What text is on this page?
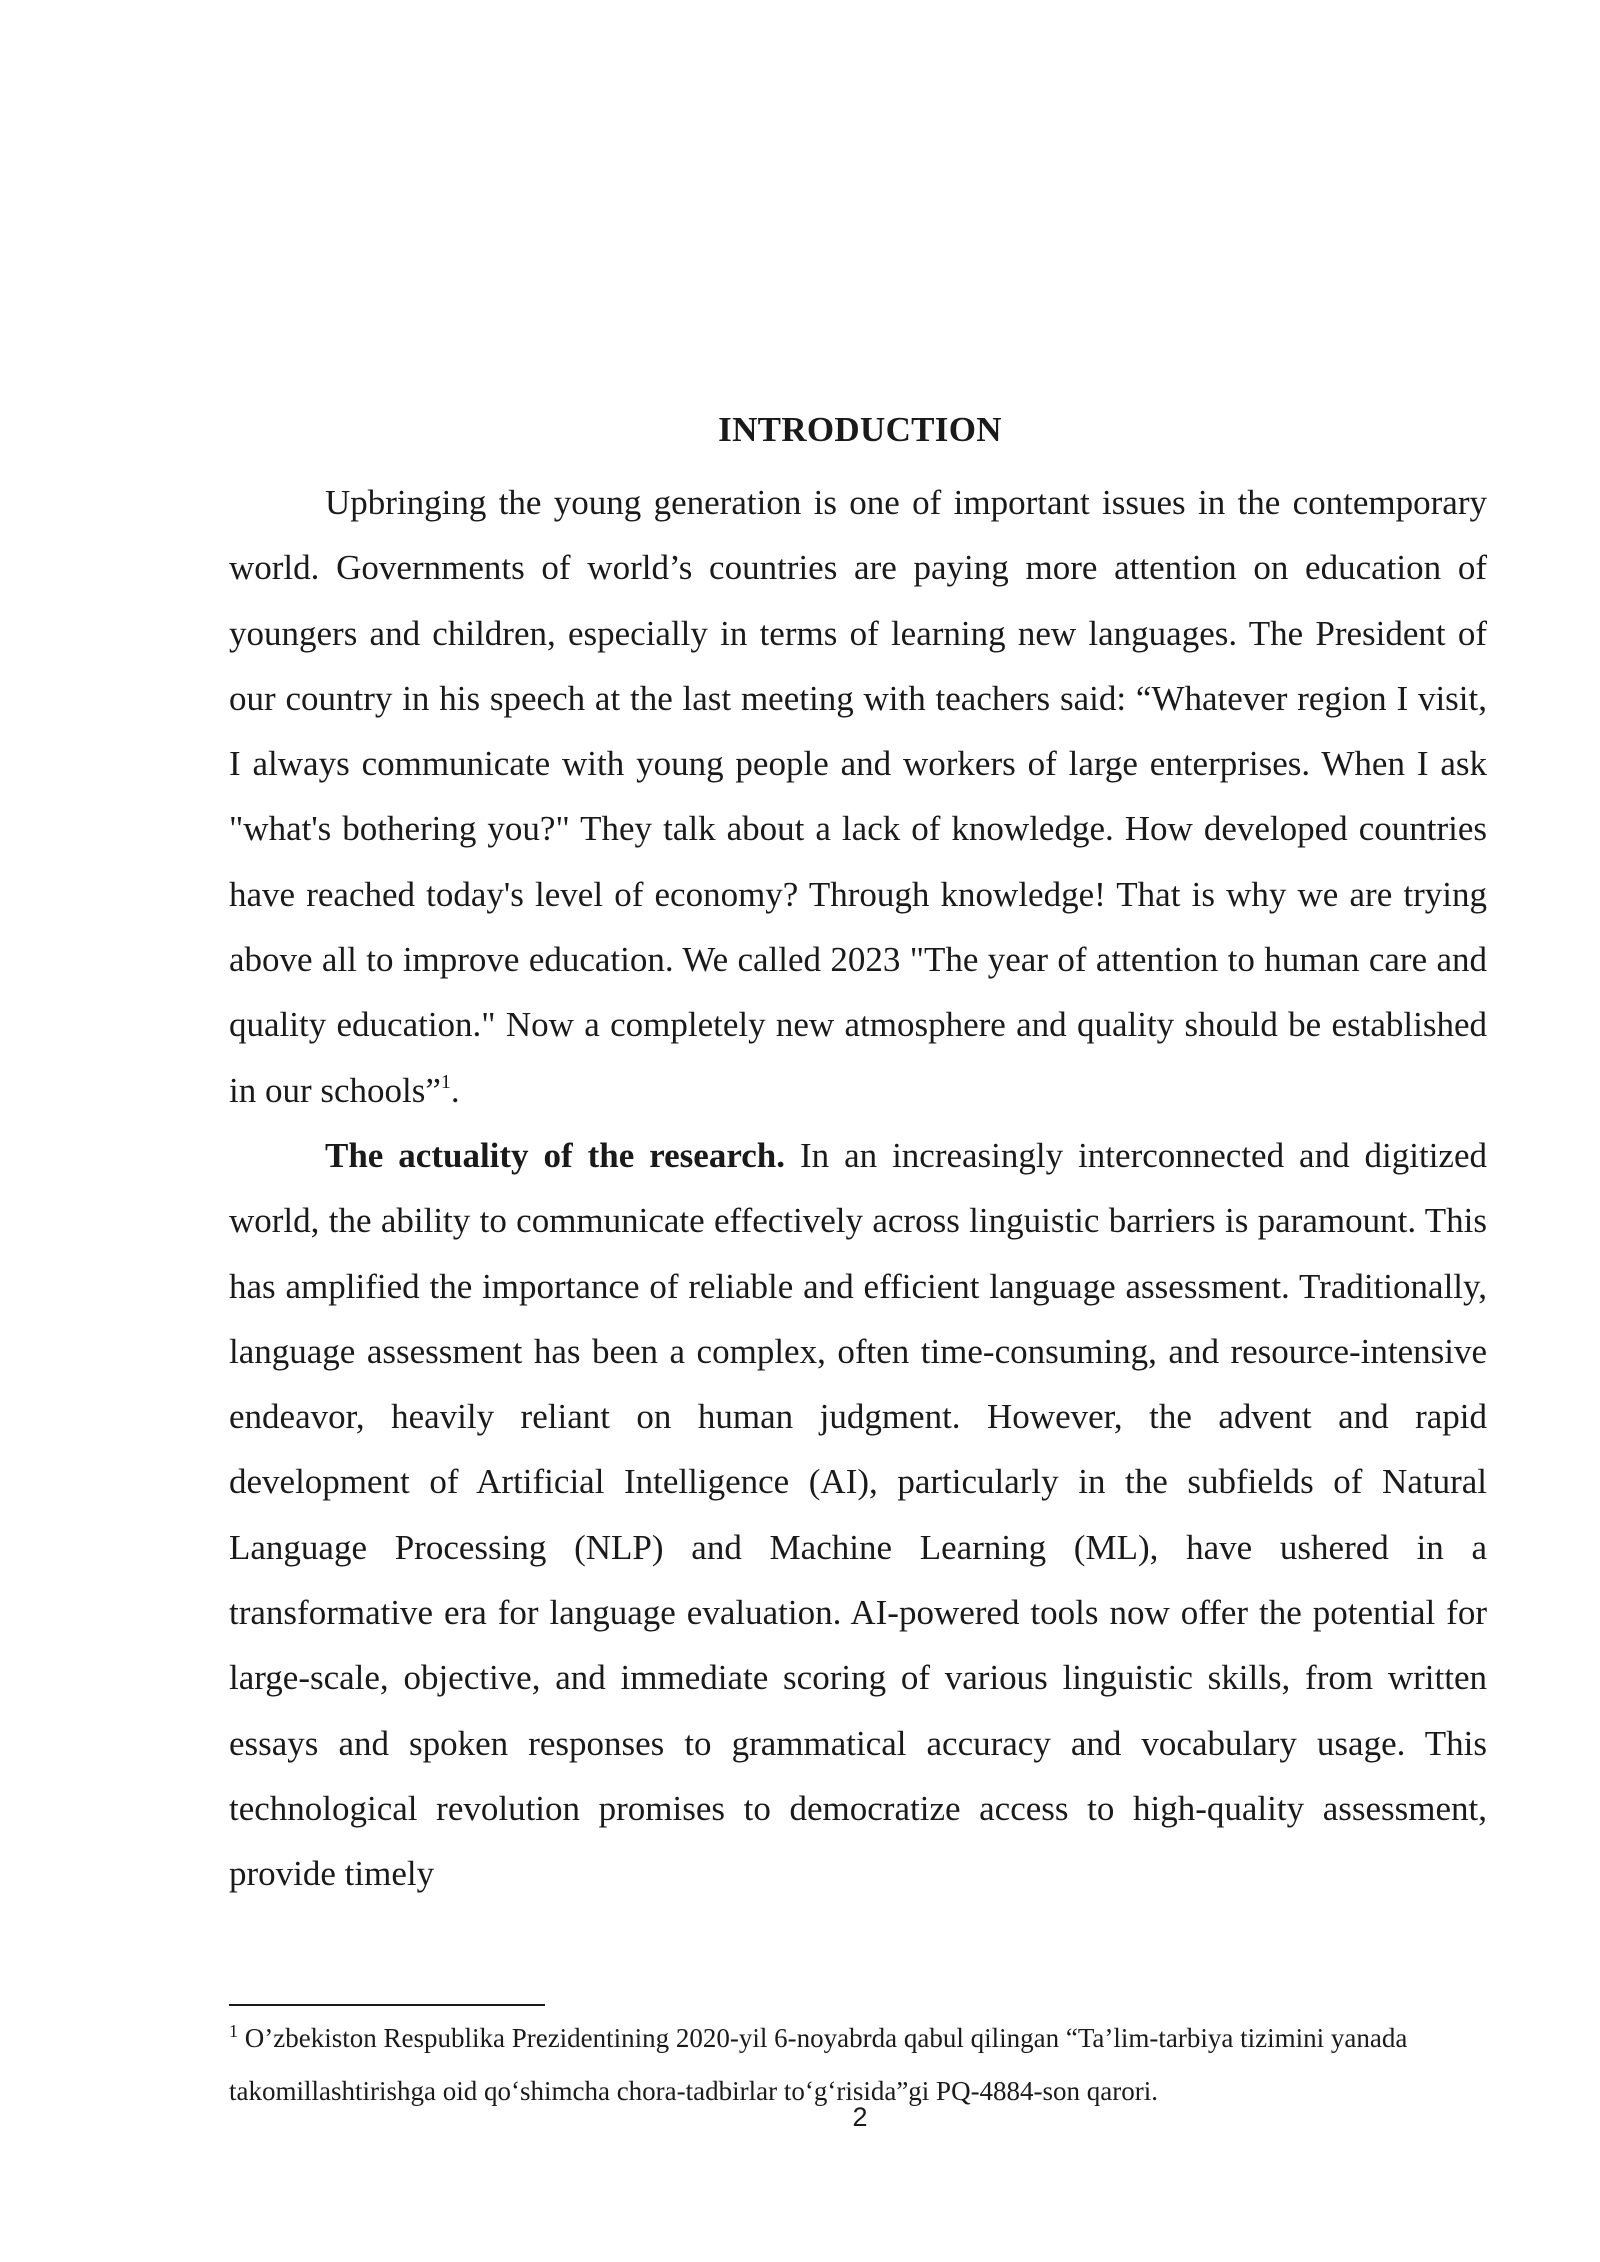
INTRODUCTION

Upbringing the young generation is one of important issues in the contemporary world. Governments of world’s countries are paying more attention on education of youngers and children, especially in terms of learning new languages. The President of our country in his speech at the last meeting with teachers said: “Whatever region I visit, I always communicate with young people and workers of large enterprises. When I ask "what's bothering you?" They talk about a lack of knowledge. How developed countries have reached today's level of economy? Through knowledge! That is why we are trying above all to improve education. We called 2023 "The year of attention to human care and quality education." Now a completely new atmosphere and quality should be established in our schools”$^1$.

The actuality of the research. In an increasingly interconnected and digitized world, the ability to communicate effectively across linguistic barriers is paramount. This has amplified the importance of reliable and efficient language assessment. Traditionally, language assessment has been a complex, often time-consuming, and resource-intensive endeavor, heavily reliant on human judgment. However, the advent and rapid development of Artificial Intelligence (AI), particularly in the subfields of Natural Language Processing (NLP) and Machine Learning (ML), have ushered in a transformative era for language evaluation. AI-powered tools now offer the potential for large-scale, objective, and immediate scoring of various linguistic skills, from written essays and spoken responses to grammatical accuracy and vocabulary usage. This technological revolution promises to democratize access to high-quality assessment, provide timely

$^1$ O’zbekiston Respublika Prezidentining 2020-yil 6-noyabrda qabul qilingan “Ta’lim-tarbiya tizimini yanada takomillashtirishga oid qo‘shimcha chora-tadbirlar to‘g‘risida”gi PQ-4884-son qarori.
2
